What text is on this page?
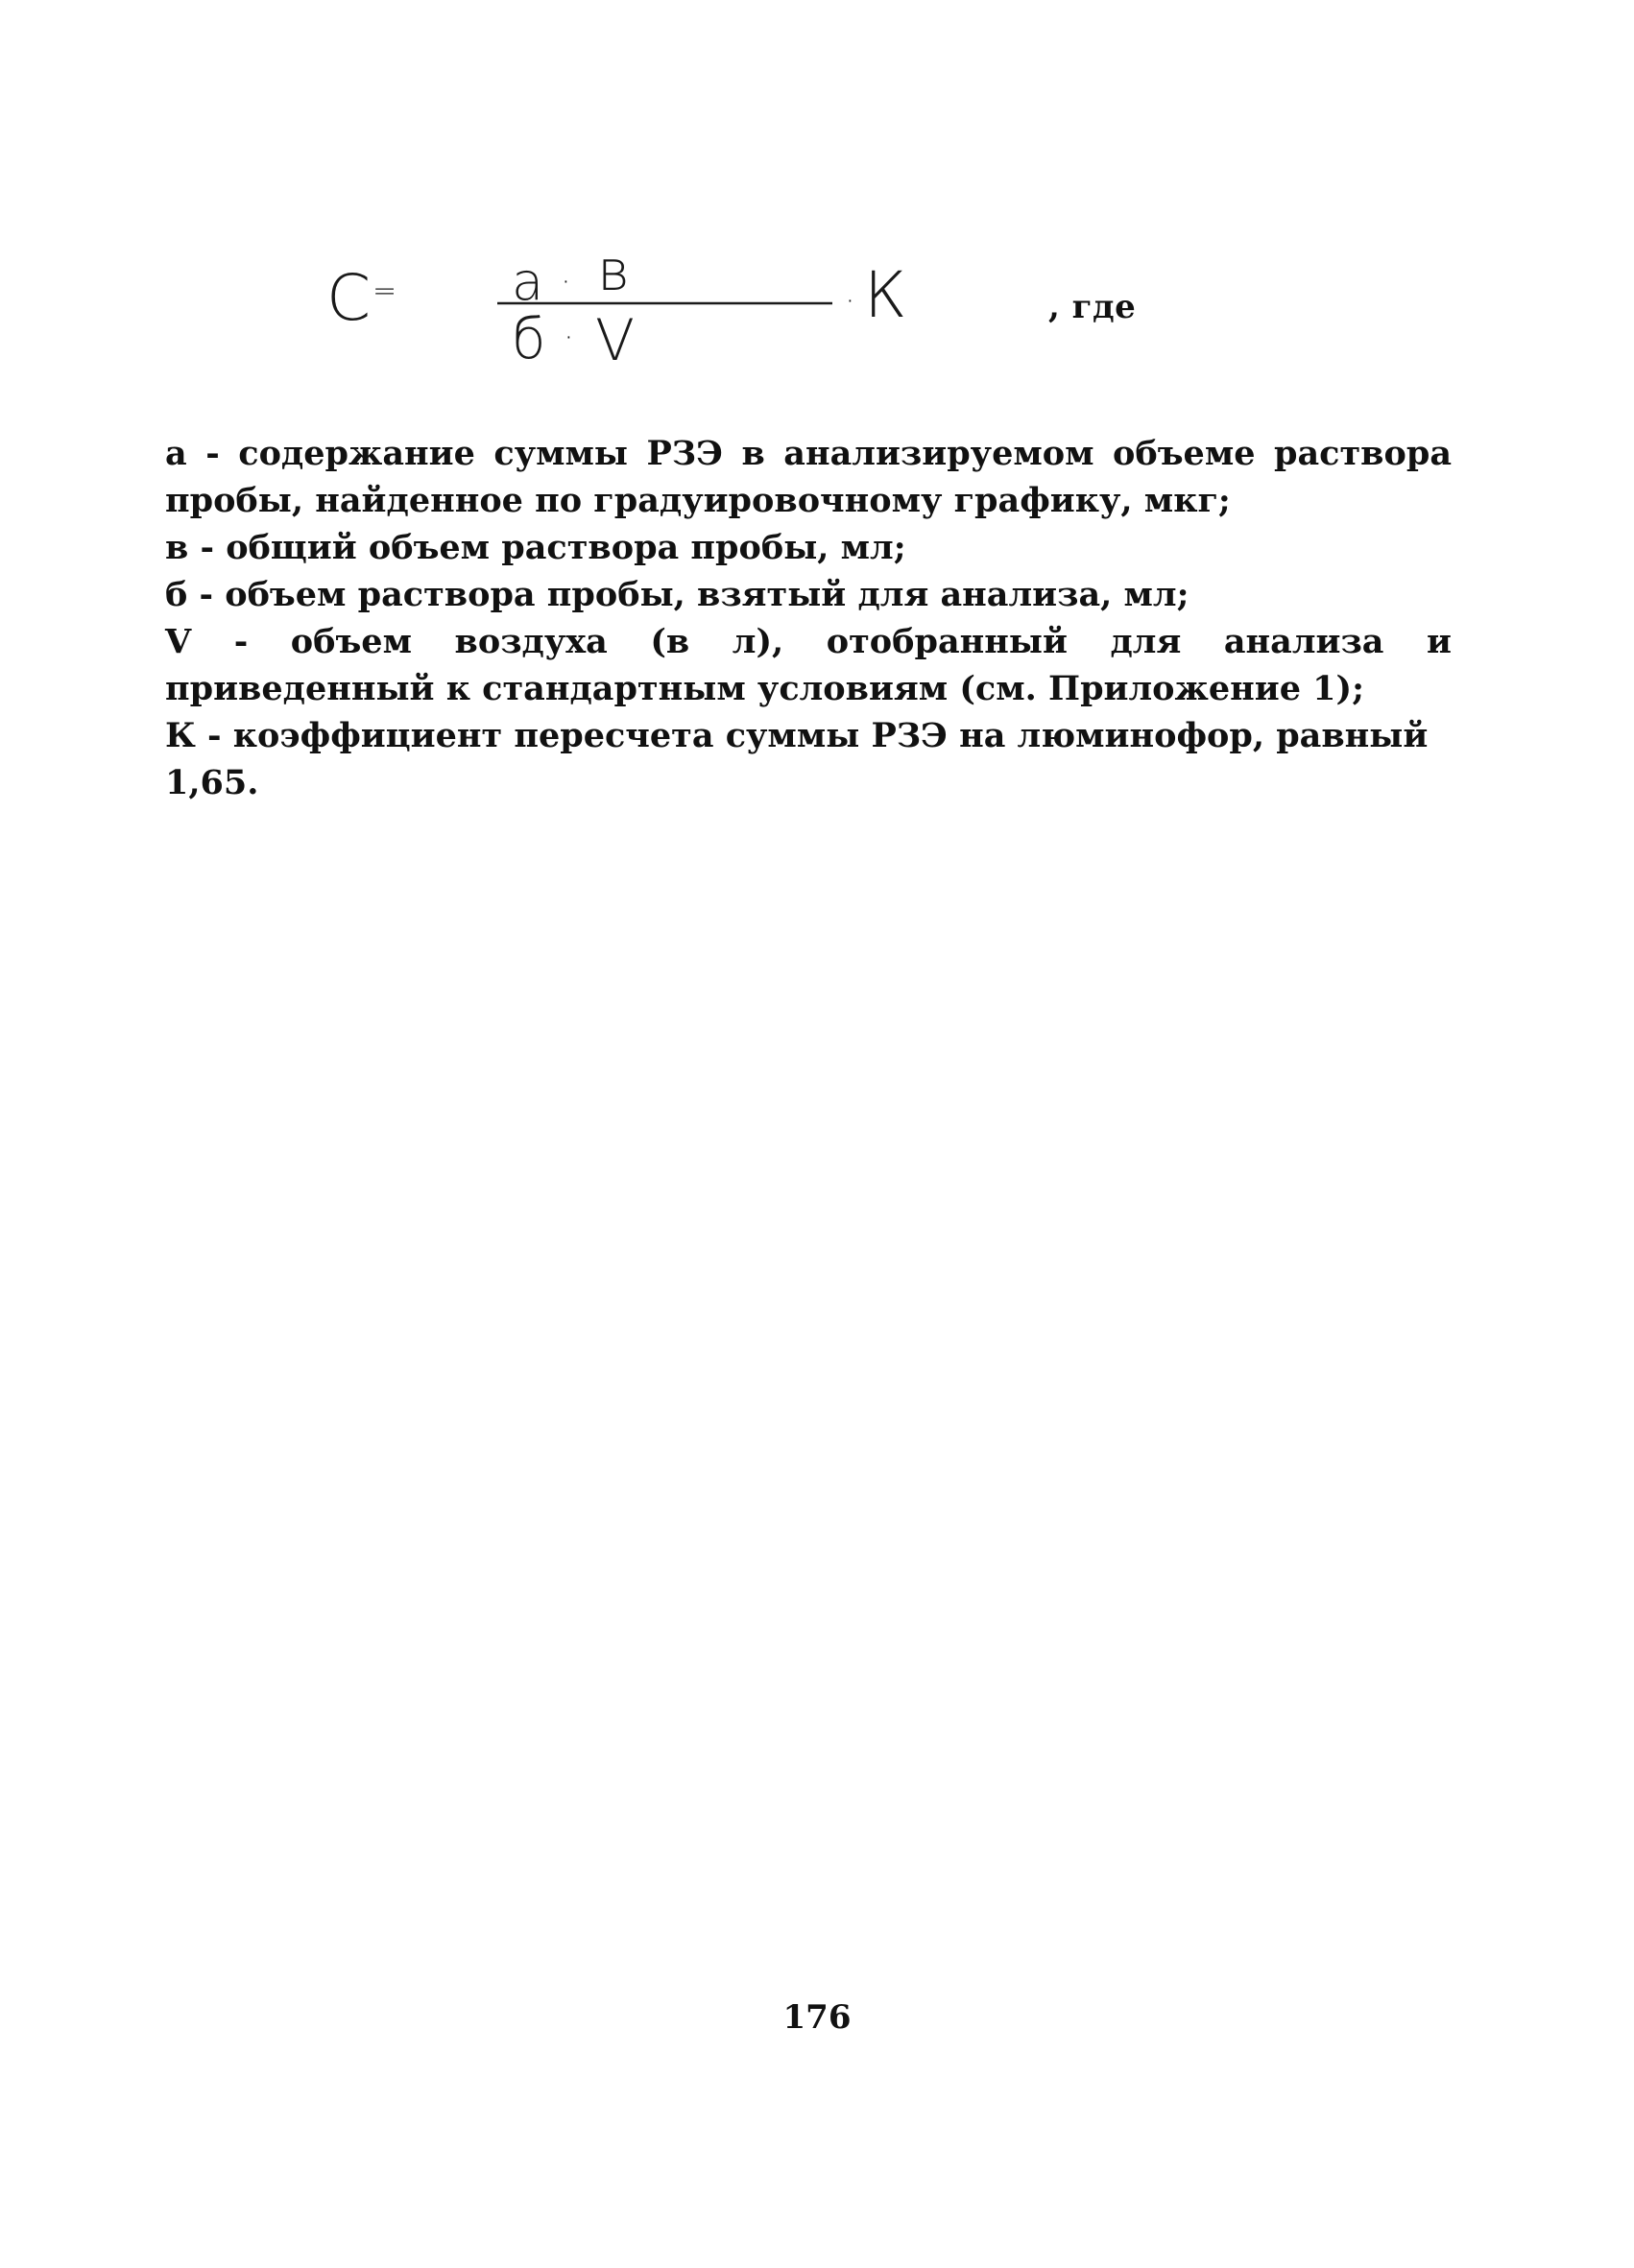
C = а · в
б · V
· К	, где

а - содержание суммы РЗЭ в анализируемом объеме раствора пробы, найденное по градуировочному графику, мкг;

в - общий объем раствора пробы, мл;

б - объем раствора пробы, взятый для анализа, мл;

V - объем воздуха (в л), отобранный для анализа и приведенный к стандартным условиям (см. Приложение 1);

К - коэффициент пересчета суммы РЗЭ на люминофор, равный 1,65.

176
